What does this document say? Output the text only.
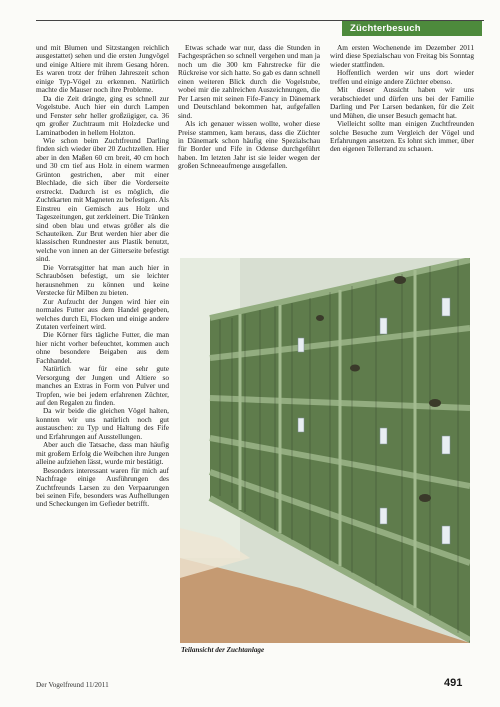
Züchterbesuch

und mit Blumen und Sitzstangen reichlich ausgestattet) sehen und die ersten Jungvögel und einige Altiere mit ihrem Gesang hören. Es waren trotz der frühen Jahreszeit schon einige Typ-Vögel zu erkennen. Natürlich machte die Mauser noch ihre Probleme.

Da die Zeit drängte, ging es schnell zur Vogelstube. Auch hier ein durch Lampen und Fenster sehr heller großzügiger, ca. 36 qm großer Zuchtraum mit Holzdecke und Laminatboden in hellem Holzton.

Wie schon beim Zuchtfreund Darling finden sich wieder über 20 Zuchtzellen. Hier aber in den Maßen 60 cm breit, 40 cm hoch und 30 cm tief aus Holz in einem warmen Grünton gestrichen, aber mit einer Blechlade, die sich über die Vorderseite erstreckt. Dadurch ist es möglich, die Zuchtkarten mit Magneten zu befestigen. Als Einstreu ein Gemisch aus Holz und Tageszeitungen, gut zerkleinert. Die Tränken sind oben blau und etwas größer als die Schauteiken. Zur Brut werden hier aber die klassischen Rundnester aus Plastik benutzt, welche von innen an der Gitterseite befestigt sind.

Die Vorratsgitter hat man auch hier in Schraubösen befestigt, um sie leichter herausnehmen zu können und keine Verstecke für Milben zu bieten.

Zur Aufzucht der Jungen wird hier ein normales Futter aus dem Handel gegeben, welches durch Ei, Flocken und einige andere Zutaten verfeinert wird.

Die Körner fürs tägliche Futter, die man hier nicht vorher befeuchtet, kommen auch ohne besondere Beigaben aus dem Fachhandel.

Natürlich war für eine sehr gute Versorgung der Jungen und Altiere so manches an Extras in Form von Pulver und Tropfen, wie bei jedem erfahrenen Züchter, auf den Regalen zu finden.

Da wir beide die gleichen Vögel halten, konnten wir uns natürlich noch gut austauschen: zu Typ und Haltung des Fife und Erfahrungen auf Ausstellungen.

Aber auch die Tatsache, dass man häufig mit großem Erfolg die Weibchen ihre Jungen alleine aufziehen lässt, wurde mir bestätigt.

Besonders interessant waren für mich auf Nachfrage einige Ausführungen des Zuchtfreunds Larsen zu den Verpaarungen bei seinen Fife, besonders was Aufhellungen und Scheckungen im Gefieder betrifft.

Etwas schade war nur, dass die Stunden in Fachgesprächen so schnell vergehen und man ja noch um die 300 km Fahrstrecke für die Rückreise vor sich hatte. So gab es dann schnell einen weiteren Blick durch die Vogelstube, wobei mir die zahlreichen Auszeichnungen, die Per Larsen mit seinen Fife-Fancy in Dänemark und Deutschland bekommen hat, aufgefallen sind.

Als ich genauer wissen wollte, woher diese Preise stammen, kam heraus, dass die Züchter in Dänemark schon häufig eine Spezialschau für Border und Fife in Odense durchgeführt haben. Im letzten Jahr ist sie leider wegen der großen Schneeaufmenge ausgefallen.

Am ersten Wochenende im Dezember 2011 wird diese Spezialschau von Freitag bis Sonntag wieder stattfinden.

Hoffentlich werden wir uns dort wieder treffen und einige andere Züchter ebenso.

Mit dieser Aussicht haben wir uns verabschiedet und dürfen uns bei der Familie Darling und Per Larsen bedanken, für die Zeit und Mühen, die unser Besuch gemacht hat.

Vielleicht sollte man einigen Zuchtfreunden solche Besuche zum Vergleich der Vögel und Erfahrungen ansetzen. Es lohnt sich immer, über den eigenen Tellerrand zu schauen.

Teilansicht der Zuchtanlage
Der Vogelfreund 11/2011	491
